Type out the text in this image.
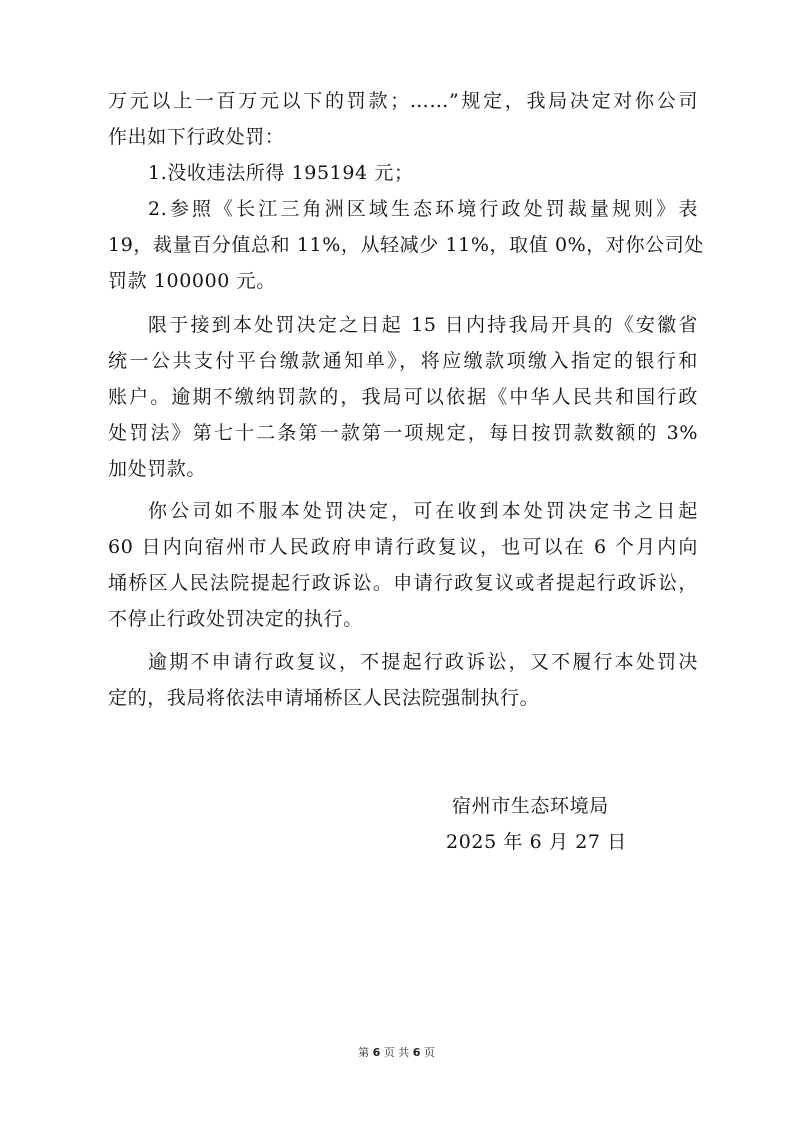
万元以上一百万元以下的罚款；……”规定，我局决定对你公司
作出如下行政处罚：
1.没收违法所得 195194 元；
2.参照《长江三角洲区域生态环境行政处罚裁量规则》表
19，裁量百分值总和 11%，从轻减少 11%，取值 0%，对你公司处
罚款 100000 元。
限于接到本处罚决定之日起 15 日内持我局开具的《安徽省
统一公共支付平台缴款通知单》，将应缴款项缴入指定的银行和
账户。逾期不缴纳罚款的，我局可以依据《中华人民共和国行政
处罚法》第七十二条第一款第一项规定，每日按罚款数额的 3%
加处罚款。
你公司如不服本处罚决定，可在收到本处罚决定书之日起
60 日内向宿州市人民政府申请行政复议，也可以在 6 个月内向
埇桥区人民法院提起行政诉讼。申请行政复议或者提起行政诉讼，
不停止行政处罚决定的执行。
逾期不申请行政复议，不提起行政诉讼，又不履行本处罚决
定的，我局将依法申请埇桥区人民法院强制执行。
宿州市生态环境局
2025 年 6 月 27 日
第 6 页 共 6 页
